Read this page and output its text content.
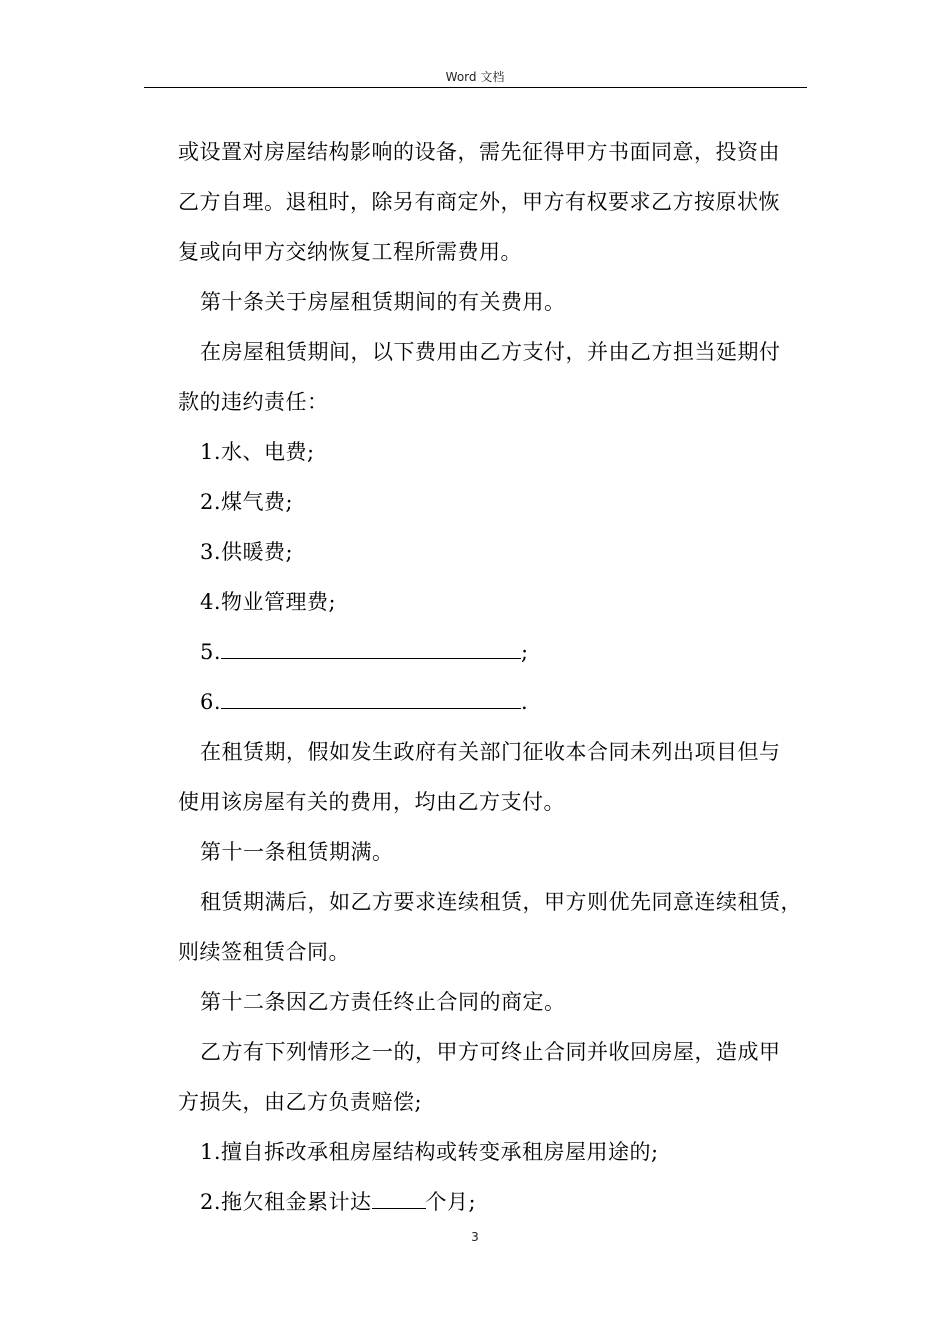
Word 文档
或设置对房屋结构影响的设备，需先征得甲方书面同意，投资由
乙方自理。退租时，除另有商定外，甲方有权要求乙方按原状恢
复或向甲方交纳恢复工程所需费用。
第十条关于房屋租赁期间的有关费用。
在房屋租赁期间，以下费用由乙方支付，并由乙方担当延期付
款的违约责任：
1.水、电费;
2.煤气费;
3.供暖费;
4.物业管理费;
5.	;
6.	.
在租赁期，假如发生政府有关部门征收本合同未列出项目但与
使用该房屋有关的费用，均由乙方支付。
第十一条租赁期满。
租赁期满后，如乙方要求连续租赁，甲方则优先同意连续租赁，
则续签租赁合同。
第十二条因乙方责任终止合同的商定。
乙方有下列情形之一的，甲方可终止合同并收回房屋，造成甲
方损失，由乙方负责赔偿;
1.擅自拆改承租房屋结构或转变承租房屋用途的;
2.拖欠租金累计达	个月;
3
